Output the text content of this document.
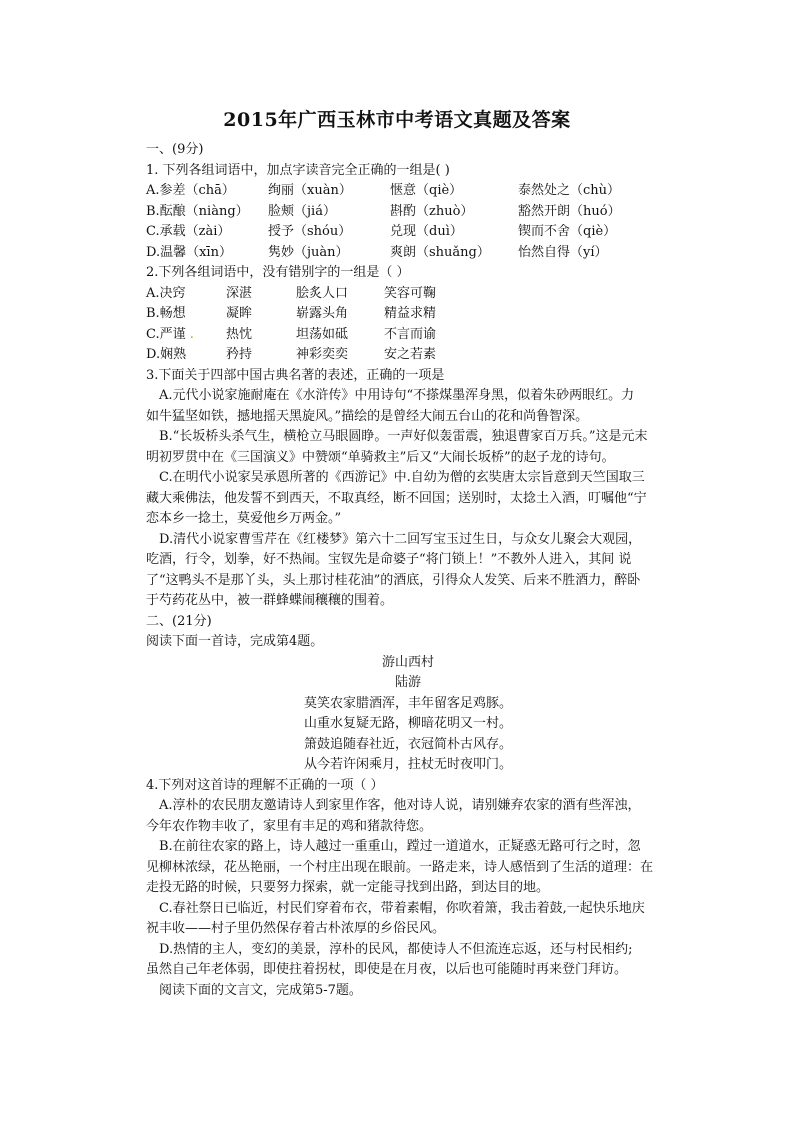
2015年广西玉林市中考语文真题及答案
一、(9分)
1. 下列各组词语中，加点字读音完全正确的一组是( )
A.参差（chā）	绚丽（xuàn）	惬意（qiè）	泰然处之（chù）
B.酝酿（niàng）	脸颊（jiá）	斟酌（zhuò）	豁然开朗（huó）
C.承载（zài）	授予（shóu）	兑现（duì）	锲而不舍（qiè）
D.温馨（xīn）	隽妙（juàn）	爽朗（shuǎng）	怡然自得（yí）
2.下列各组词语中，没有错别字的一组是（ ）
A.决窍	深湛	脍炙人口	笑容可鞠
B.畅想	凝眸	崭露头角	精益求精
C.严谨 .	热忱	坦荡如砥	不言而谕
D.娴熟	矜持	神彩奕奕	安之若素
3.下面关于四部中国古典名著的表述，正确的一项是
A.元代小说家施耐庵在《水浒传》中用诗句“不搽煤墨浑身黑，似着朱砂两眼红。力
如牛猛坚如铁，撼地摇天黑旋风。”描绘的是曾经大闹五台山的花和尚鲁智深。
B.“长坂桥头杀气生，横枪立马眼圆睁。一声好似轰雷震，独退曹家百万兵。”这是元末
明初罗贯中在《三国演义》中赞颂“单骑救主”后又“大闹长坂桥”的赵子龙的诗句。
C.在明代小说家吴承恩所著的《西游记》中.自幼为僧的玄奘唐太宗旨意到天竺国取三
藏大乘佛法，他发誓不到西天，不取真经，断不回国；送别时，太捻土入酒，叮嘱他“宁
恋本乡一捻土，莫爱他乡万两金。”
D.清代小说家曹雪芹在《红楼梦》第六十二回写宝玉过生日，与众女儿聚会大观园，
吃酒，行令，划拳，好不热闹。宝钗先是命婆子“将门锁上！”不教外人进入，其间 说
了“这鸭头不是那丫头，头上那讨桂花油”的酒底，引得众人发笑、后来不胜酒力，醉卧
于芍药花丛中，被一群蜂蝶闹穰穰的围着。
二、(21分)
阅读下面一首诗，完成第4题。
游山西村
陆游
莫笑农家腊酒浑，丰年留客足鸡豚。
山重水复疑无路，柳暗花明又一村。
箫鼓追随春社近，衣冠简朴古风存。
从今若许闲乘月，拄杖无时夜叩门。
4.下列对这首诗的理解不正确的一项（ ）
A.淳朴的农民朋友邀请诗人到家里作客，他对诗人说，请别嫌弃农家的酒有些浑浊，
今年农作物丰收了，家里有丰足的鸡和猪款待您。
B.在前往农家的路上，诗人越过一重重山，蹚过一道道水，正疑惑无路可行之时，忽
见柳林浓绿，花丛艳丽，一个村庄出现在眼前。一路走来，诗人感悟到了生活的道理：在
走投无路的时候，只要努力探索，就一定能寻找到出路，到达目的地。
C.春社祭日已临近，村民们穿着布衣，带着素帽，你吹着箫，我击着鼓,一起快乐地庆
祝丰收——村子里仍然保存着古朴浓厚的乡俗民风。
D.热情的主人，变幻的美景，淳朴的民风，都使诗人不但流连忘返，还与村民相约;
虽然自己年老体弱，即使拄着拐杖，即使是在月夜，以后也可能随时再来登门拜访。
阅读下面的文言文，完成第5-7题。
